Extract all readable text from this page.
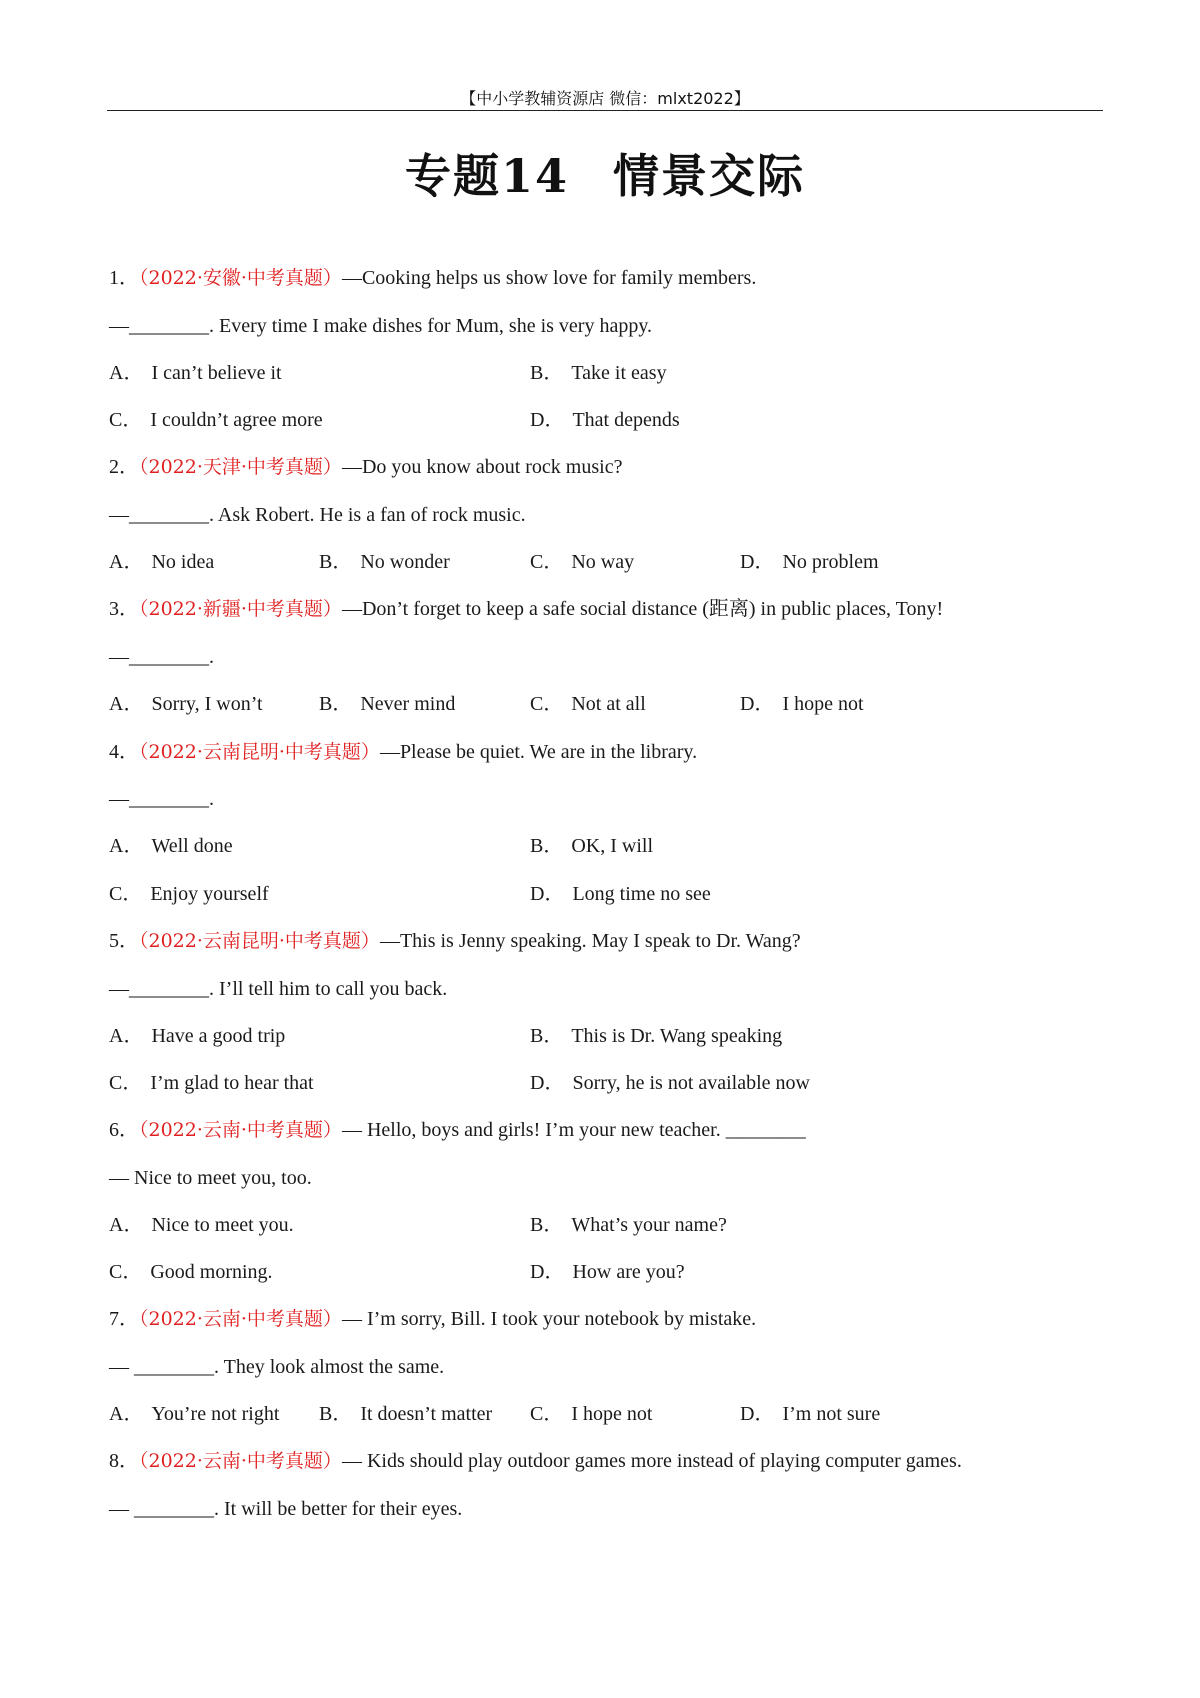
【中小学教辅资源店 微信：mlxt2022】
专题14 情景交际
1．（2022·安徽·中考真题）—Cooking helps us show love for family members.
—________. Every time I make dishes for Mum, she is very happy.
A． I can’t believe it	B． Take it easy
C． I couldn’t agree more	D． That depends
2．（2022·天津·中考真题）—Do you know about rock music?
—________. Ask Robert. He is a fan of rock music.
A． No idea	B． No wonder	C． No way	D． No problem
3．（2022·新疆·中考真题）—Don’t forget to keep a safe social distance (距离) in public places, Tony!
—________.
A． Sorry, I won’t	B． Never mind	C． Not at all	D． I hope not
4．（2022·云南昆明·中考真题）—Please be quiet. We are in the library.
—________.
A． Well done	B． OK, I will
C． Enjoy yourself	D． Long time no see
5．（2022·云南昆明·中考真题）—This is Jenny speaking. May I speak to Dr. Wang?
—________. I’ll tell him to call you back.
A． Have a good trip	B． This is Dr. Wang speaking
C． I’m glad to hear that	D． Sorry, he is not available now
6．（2022·云南·中考真题）— Hello, boys and girls! I’m your new teacher. ________
— Nice to meet you, too.
A． Nice to meet you.	B． What’s your name?
C． Good morning.	D． How are you?
7．（2022·云南·中考真题）— I’m sorry, Bill. I took your notebook by mistake.
— ________. They look almost the same.
A． You’re not right B． It doesn’t matter C． I hope not	D． I’m not sure
8．（2022·云南·中考真题）— Kids should play outdoor games more instead of playing computer games.
— ________. It will be better for their eyes.
